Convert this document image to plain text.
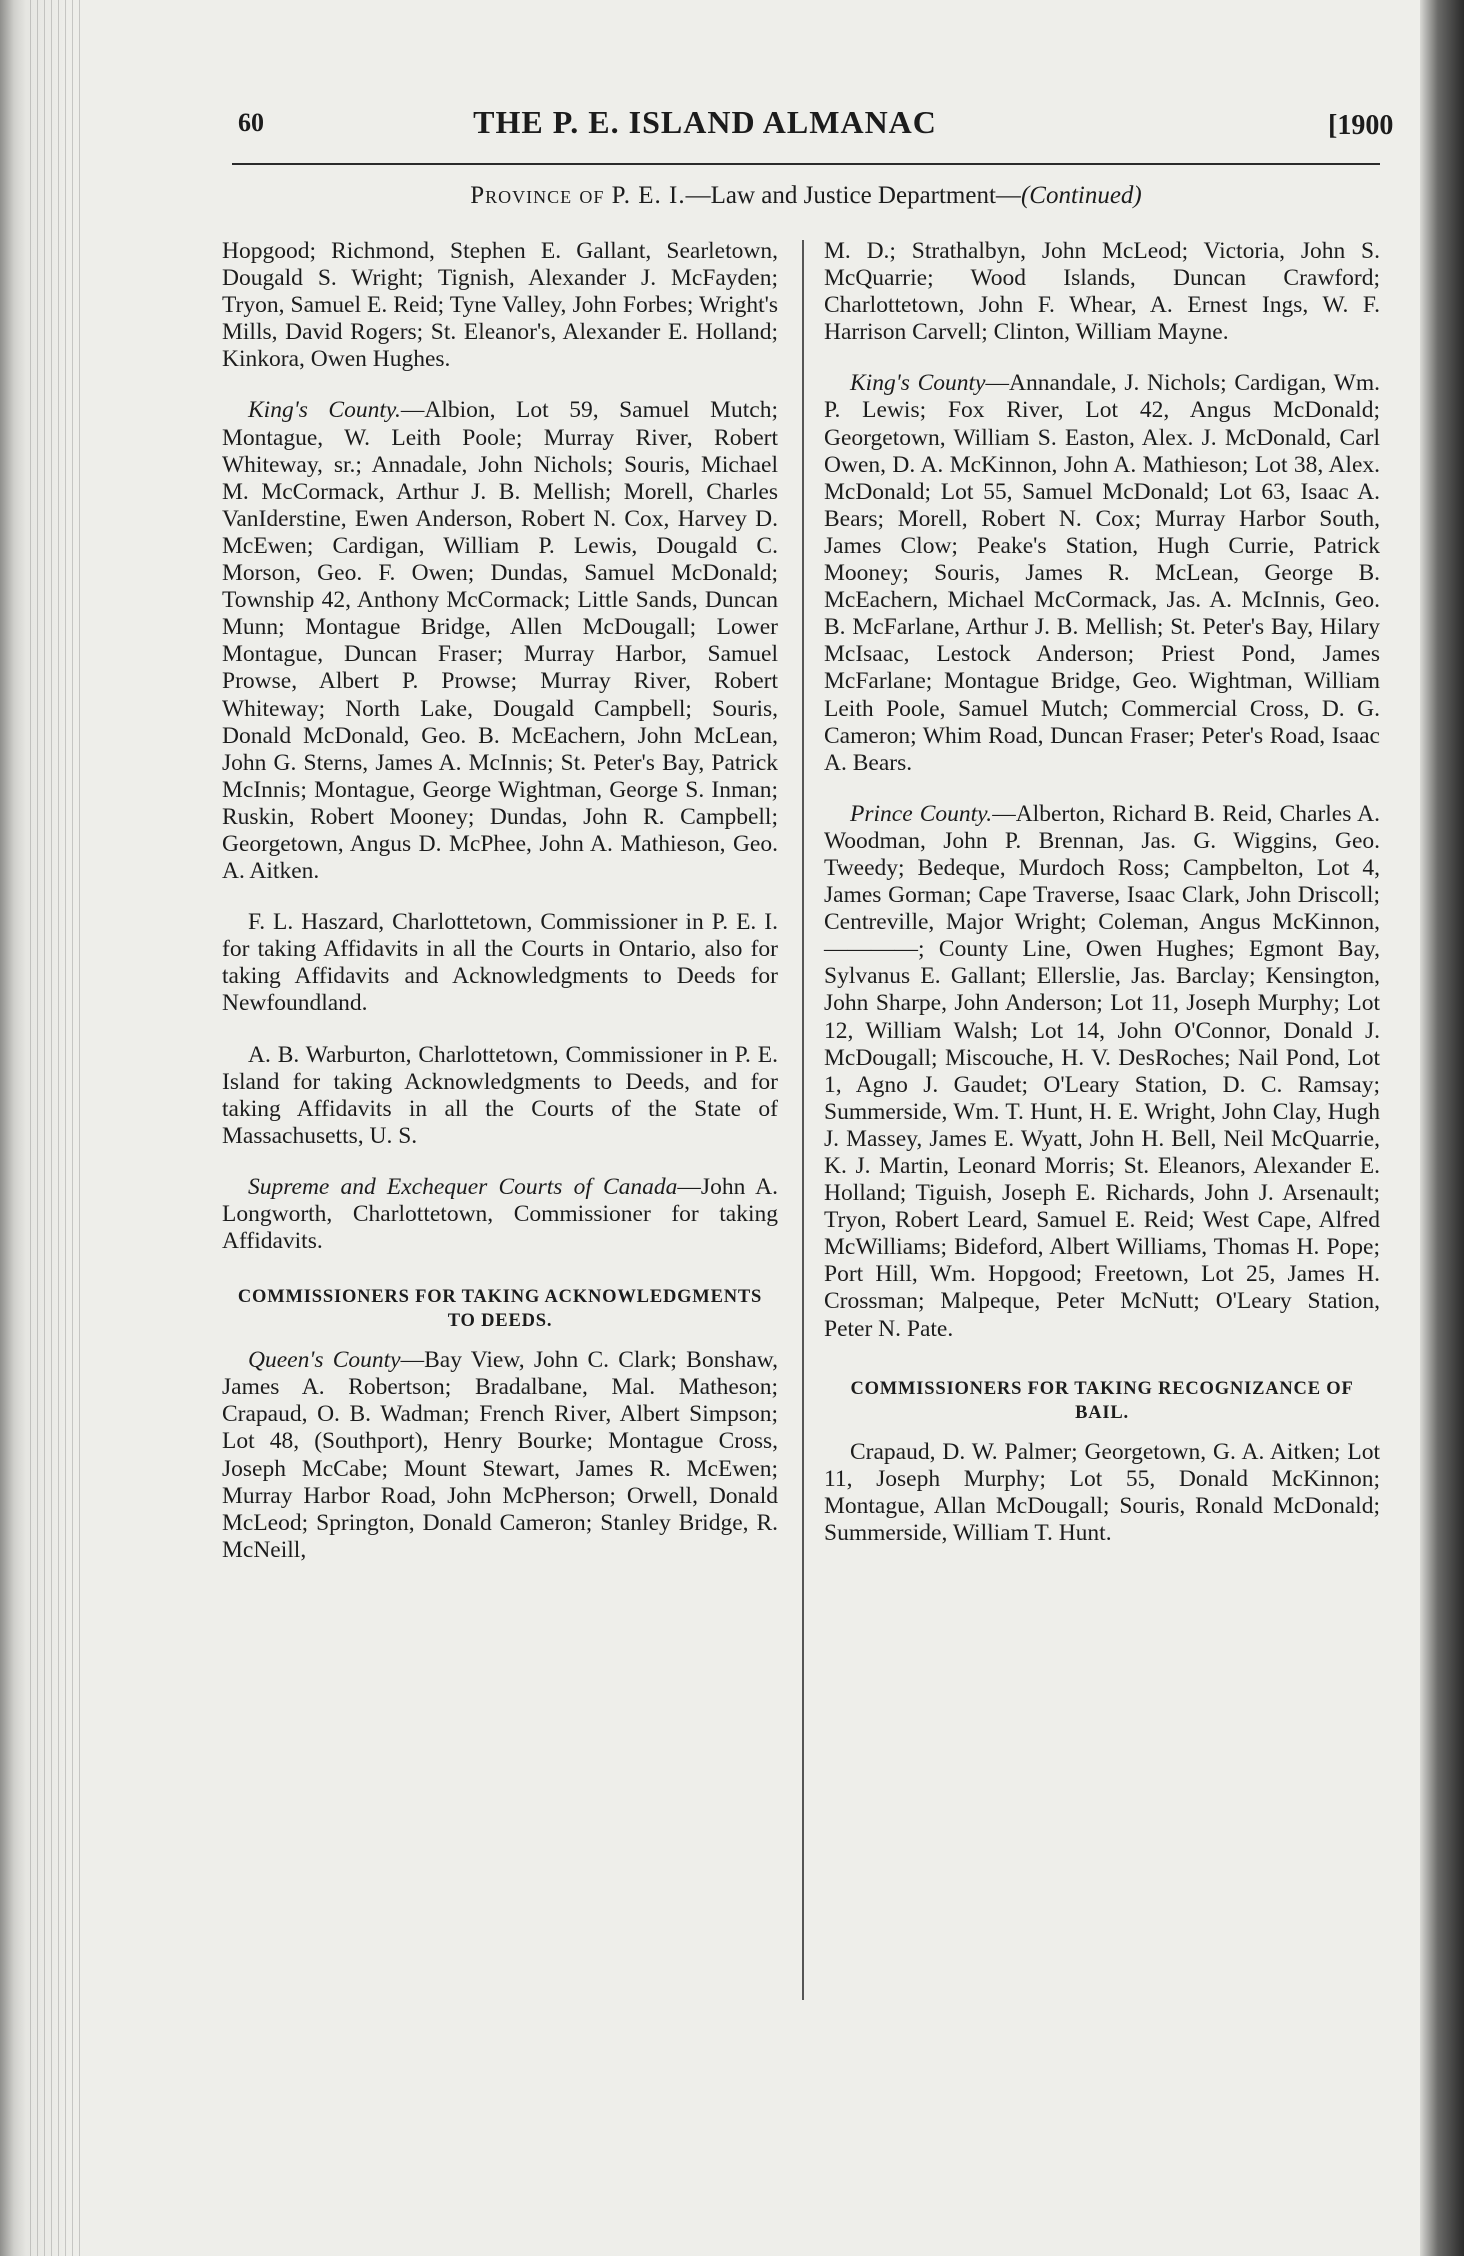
60	THE P. E. ISLAND ALMANAC	[1900
Province of P. E. I.—Law and Justice Department—(Continued)

Hopgood; Richmond, Stephen E. Gallant, Searletown, Dougald S. Wright; Tignish, Alexander J. McFayden; Tryon, Samuel E. Reid; Tyne Valley, John Forbes; Wright's Mills, David Rogers; St. Eleanor's, Alexander E. Holland; Kinkora, Owen Hughes.

King's County.—Albion, Lot 59, Samuel Mutch; Montague, W. Leith Poole; Murray River, Robert Whiteway, sr.; Annadale, John Nichols; Souris, Michael M. McCormack, Arthur J. B. Mellish; Morell, Charles VanIderstine, Ewen Anderson, Robert N. Cox, Harvey D. McEwen; Cardigan, William P. Lewis, Dougald C. Morson, Geo. F. Owen; Dundas, Samuel McDonald; Township 42, Anthony McCormack; Little Sands, Duncan Munn; Montague Bridge, Allen McDougall; Lower Montague, Duncan Fraser; Murray Harbor, Samuel Prowse, Albert P. Prowse; Murray River, Robert Whiteway; North Lake, Dougald Campbell; Souris, Donald McDonald, Geo. B. McEachern, John McLean, John G. Sterns, James A. McInnis; St. Peter's Bay, Patrick McInnis; Montague, George Wightman, George S. Inman; Ruskin, Robert Mooney; Dundas, John R. Campbell; Georgetown, Angus D. McPhee, John A. Mathieson, Geo. A. Aitken.

F. L. Haszard, Charlottetown, Commissioner in P. E. I. for taking Affidavits in all the Courts in Ontario, also for taking Affidavits and Acknowledgments to Deeds for Newfoundland.

A. B. Warburton, Charlottetown, Commissioner in P. E. Island for taking Acknowledgments to Deeds, and for taking Affidavits in all the Courts of the State of Massachusetts, U. S.

Supreme and Exchequer Courts of Canada—John A. Longworth, Charlottetown, Commissioner for taking Affidavits.

COMMISSIONERS FOR TAKING ACKNOWLEDGMENTS TO DEEDS.

Queen's County—Bay View, John C. Clark; Bonshaw, James A. Robertson; Bradalbane, Mal. Matheson; Crapaud, O. B. Wadman; French River, Albert Simpson; Lot 48, (Southport), Henry Bourke; Montague Cross, Joseph McCabe; Mount Stewart, James R. McEwen; Murray Harbor Road, John McPherson; Orwell, Donald McLeod; Springton, Donald Cameron; Stanley Bridge, R. McNeill,

M. D.; Strathalbyn, John McLeod; Victoria, John S. McQuarrie; Wood Islands, Duncan Crawford; Charlottetown, John F. Whear, A. Ernest Ings, W. F. Harrison Carvell; Clinton, William Mayne.

King's County—Annandale, J. Nichols; Cardigan, Wm. P. Lewis; Fox River, Lot 42, Angus McDonald; Georgetown, William S. Easton, Alex. J. McDonald, Carl Owen, D. A. McKinnon, John A. Mathieson; Lot 38, Alex. McDonald; Lot 55, Samuel McDonald; Lot 63, Isaac A. Bears; Morell, Robert N. Cox; Murray Harbor South, James Clow; Peake's Station, Hugh Currie, Patrick Mooney; Souris, James R. McLean, George B. McEachern, Michael McCormack, Jas. A. McInnis, Geo. B. McFarlane, Arthur J. B. Mellish; St. Peter's Bay, Hilary McIsaac, Lestock Anderson; Priest Pond, James McFarlane; Montague Bridge, Geo. Wightman, William Leith Poole, Samuel Mutch; Commercial Cross, D. G. Cameron; Whim Road, Duncan Fraser; Peter's Road, Isaac A. Bears.

Prince County.—Alberton, Richard B. Reid, Charles A. Woodman, John P. Brennan, Jas. G. Wiggins, Geo. Tweedy; Bedeque, Murdoch Ross; Campbelton, Lot 4, James Gorman; Cape Traverse, Isaac Clark, John Driscoll; Centreville, Major Wright; Coleman, Angus McKinnon, ————; County Line, Owen Hughes; Egmont Bay, Sylvanus E. Gallant; Ellerslie, Jas. Barclay; Kensington, John Sharpe, John Anderson; Lot 11, Joseph Murphy; Lot 12, William Walsh; Lot 14, John O'Connor, Donald J. McDougall; Miscouche, H. V. DesRoches; Nail Pond, Lot 1, Agno J. Gaudet; O'Leary Station, D. C. Ramsay; Summerside, Wm. T. Hunt, H. E. Wright, John Clay, Hugh J. Massey, James E. Wyatt, John H. Bell, Neil McQuarrie, K. J. Martin, Leonard Morris; St. Eleanors, Alexander E. Holland; Tiguish, Joseph E. Richards, John J. Arsenault; Tryon, Robert Leard, Samuel E. Reid; West Cape, Alfred McWilliams; Bideford, Albert Williams, Thomas H. Pope; Port Hill, Wm. Hopgood; Freetown, Lot 25, James H. Crossman; Malpeque, Peter McNutt; O'Leary Station, Peter N. Pate.

COMMISSIONERS FOR TAKING RECOGNIZANCE OF BAIL.

Crapaud, D. W. Palmer; Georgetown, G. A. Aitken; Lot 11, Joseph Murphy; Lot 55, Donald McKinnon; Montague, Allan McDougall; Souris, Ronald McDonald; Summerside, William T. Hunt.
